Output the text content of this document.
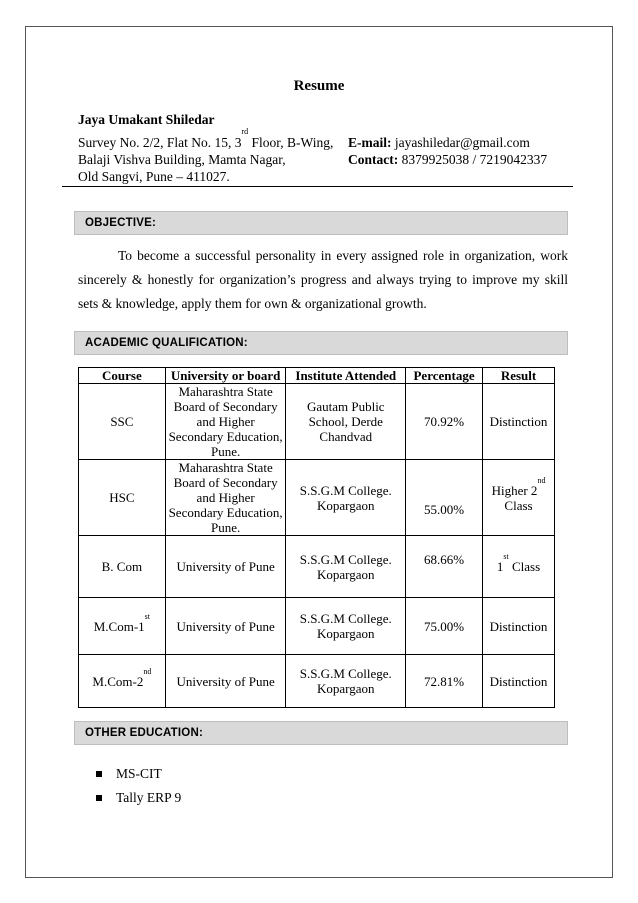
Resume
Jaya Umakant Shiledar
Survey No. 2/2, Flat No. 15, 3rd Floor, B-Wing,
Balaji Vishva Building, Mamta Nagar,
Old Sangvi, Pune – 411027.
E-mail: jayashiledar@gmail.com
Contact: 8379925038 / 7219042337
OBJECTIVE:
To become a successful personality in every assigned role in organization, work sincerely & honestly for organization’s progress and always trying to improve my skill sets & knowledge, apply them for own & organizational growth.
ACADEMIC QUALIFICATION:
Course	University or board	Institute Attended	Percentage	Result
SSC	Maharashtra State Board of Secondary and Higher Secondary Education, Pune.	Gautam Public School, Derde Chandvad	70.92%	Distinction
HSC	Maharashtra State Board of Secondary and Higher Secondary Education, Pune.	S.S.G.M College. Kopargaon	55.00%	Higher 2nd Class
B. Com	University of Pune	S.S.G.M College. Kopargaon	68.66%	1st Class
M.Com-1st	University of Pune	S.S.G.M College. Kopargaon	75.00%	Distinction
M.Com-2nd	University of Pune	S.S.G.M College. Kopargaon	72.81%	Distinction
OTHER EDUCATION:
MS-CIT
Tally ERP 9
